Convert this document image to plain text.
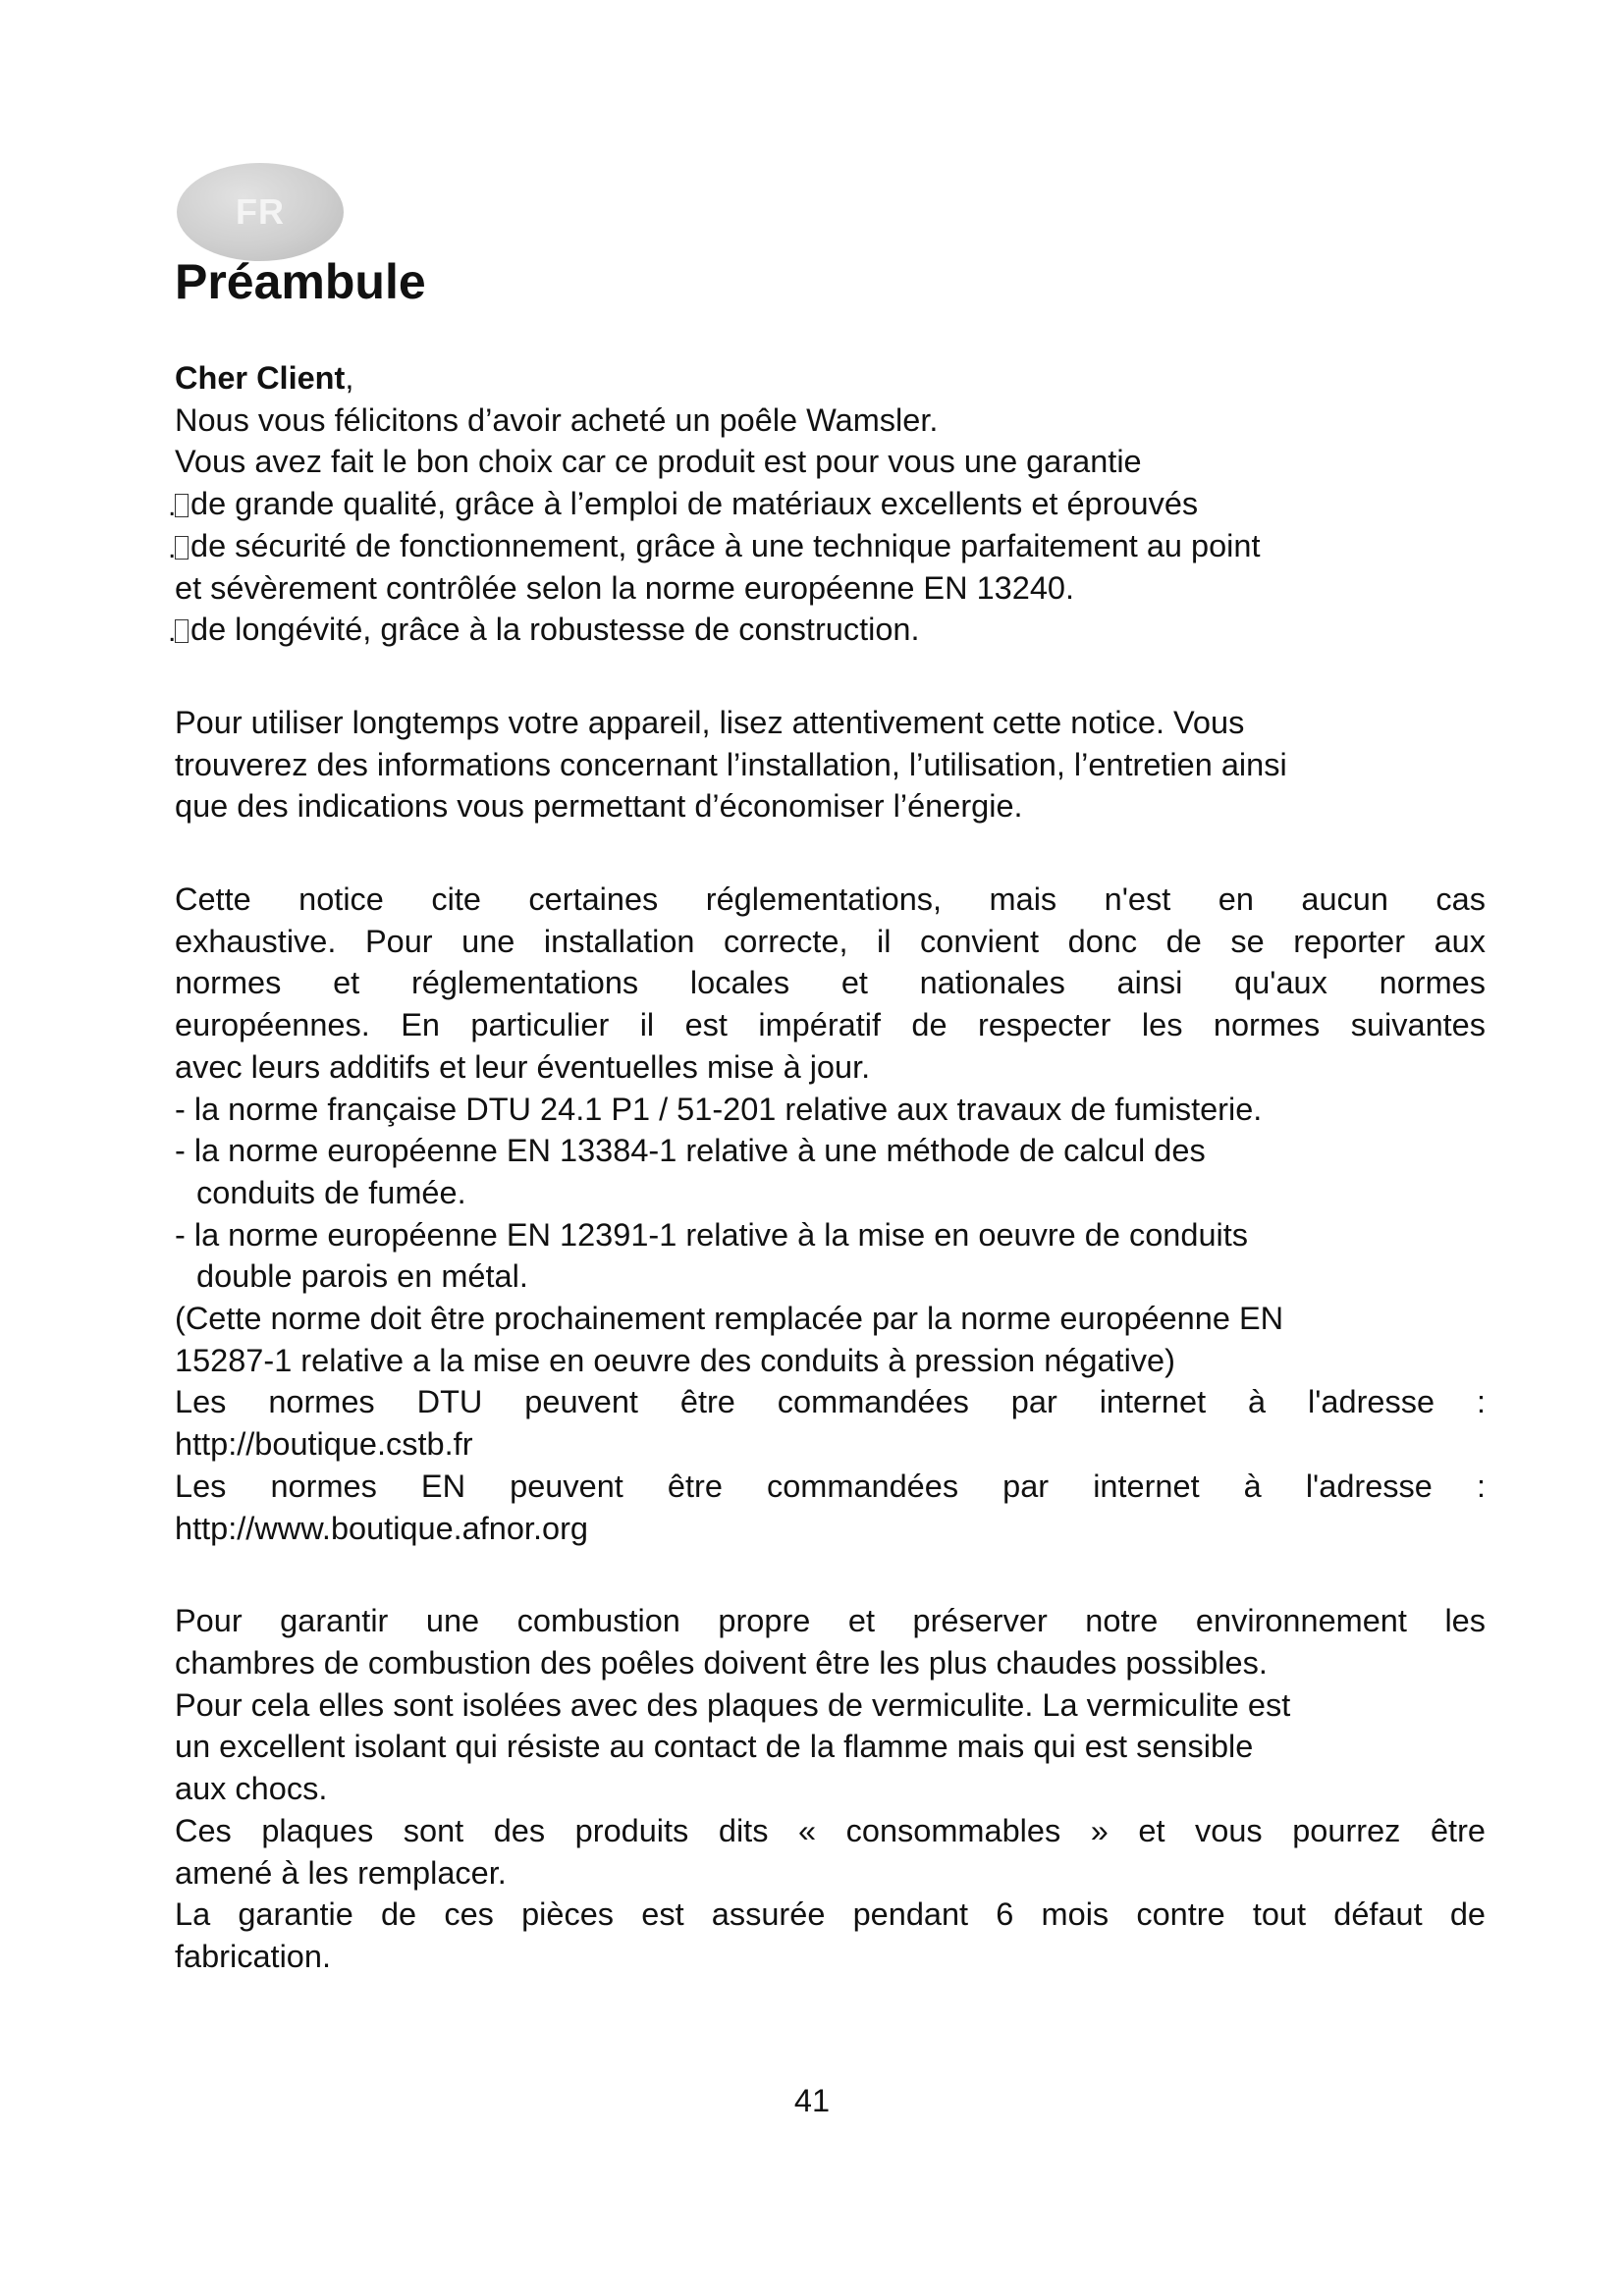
FR
Préambule
Cher Client,
Nous vous félicitons d’avoir acheté un poêle Wamsler.
Vous avez fait le bon choix car ce produit est pour vous une garantie
. de grande qualité, grâce à l’emploi de matériaux excellents et éprouvés
. de sécurité de fonctionnement, grâce à une technique parfaitement au point
et sévèrement contrôlée selon la norme européenne EN 13240.
. de longévité, grâce à la robustesse de construction.
Pour utiliser longtemps votre appareil, lisez attentivement cette notice. Vous
trouverez des informations concernant l’installation, l’utilisation, l’entretien ainsi
que des indications vous permettant d’économiser l’énergie.
Cette notice cite certaines réglementations, mais n'est en aucun cas
exhaustive. Pour une installation correcte, il convient donc de se reporter aux
normes et réglementations locales et nationales ainsi qu'aux normes
européennes. En particulier il est impératif de respecter les normes suivantes
avec leurs additifs et leur éventuelles mise à jour.
- la norme française DTU 24.1 P1 / 51-201 relative aux travaux de fumisterie.
- la norme européenne EN 13384-1 relative à une méthode de calcul des
conduits de fumée.
- la norme européenne EN 12391-1 relative à la mise en oeuvre de conduits
double parois en métal.
(Cette norme doit être prochainement remplacée par la norme européenne EN
15287-1 relative a la mise en oeuvre des conduits à pression négative)
Les normes DTU peuvent être commandées par internet à l'adresse :
http://boutique.cstb.fr
Les normes EN peuvent être commandées par internet à l'adresse :
http://www.boutique.afnor.org
Pour garantir une combustion propre et préserver notre environnement les
chambres de combustion des poêles doivent être les plus chaudes possibles.
Pour cela elles sont isolées avec des plaques de vermiculite. La vermiculite est
un excellent isolant qui résiste au contact de la flamme mais qui est sensible
aux chocs.
Ces plaques sont des produits dits « consommables » et vous pourrez être
amené à les remplacer.
La garantie de ces pièces est assurée pendant 6 mois contre tout défaut de
fabrication.
41
